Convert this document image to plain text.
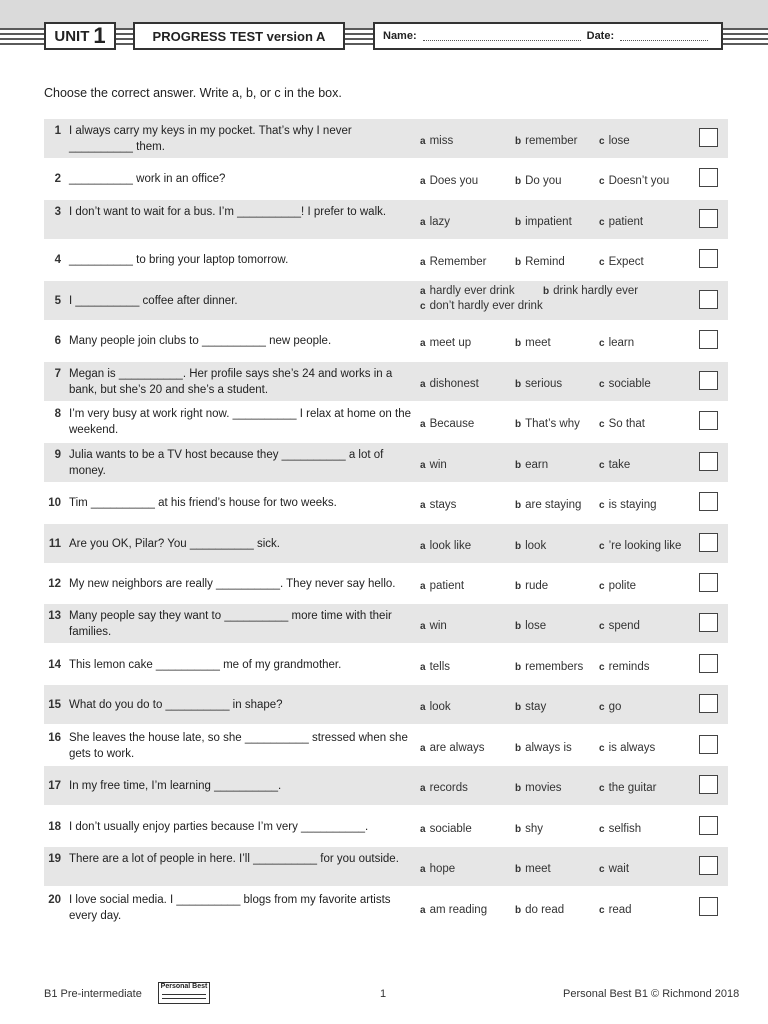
UNIT 1	PROGRESS TEST version A	Name:	Date:
Choose the correct answer. Write a, b, or c in the box.
1 I always carry my keys in my pocket. That’s why I never __________ them.	a miss	b remember c lose
2 __________ work in an office?	a Does you	b Do you	c Doesn’t you
3 I don’t want to wait for a bus. I’m __________! I prefer to walk.
a lazy	b impatient	c patient
4 __________ to bring your laptop tomorrow.	a Remember	b Remind	c Expect
5 I __________ coffee after dinner.
a hardly ever drink	b drink hardly ever
c don’t hardly ever drink
6 Many people join clubs to __________ new people.	a meet up	b meet	c learn
7 Megan is __________. Her profile says she’s 24 and works in a bank, but she’s 20 and she’s a student.	a dishonest	b serious	c sociable
8 I’m very busy at work right now. __________ I relax at home on the weekend.	a Because	b That’s why c So that
9 Julia wants to be a TV host because they __________ a lot of money.	a win	b earn	c take
10 Tim __________ at his friend’s house for two weeks.	a stays	b are staying c is staying
11 Are you OK, Pilar? You __________ sick.	a look like	b look	c ’re looking like
12 My new neighbors are really __________. They never say hello.	a patient	b rude	c polite
13 Many people say they want to __________ more time with their families.	a win	b lose	c spend
14 This lemon cake __________ me of my grandmother.	a tells	b remembers c reminds
15 What do you do to __________ in shape?	a look	b stay	c go
16 She leaves the house late, so she __________ stressed when she gets to work.	a are always	b always is	c is always
17 In my free time, I’m learning __________.	a records	b movies	c the guitar
18 I don’t usually enjoy parties because I’m very __________.	a sociable	b shy	c selfish
19 There are a lot of people in here. I’ll __________ for you outside.
a hope	b meet	c wait
20 I love social media. I __________ blogs from my favorite artists every day.	a am reading	b do read	c read
B1 Pre-intermediate
Personal Best
1	Personal Best B1 © Richmond 2018
